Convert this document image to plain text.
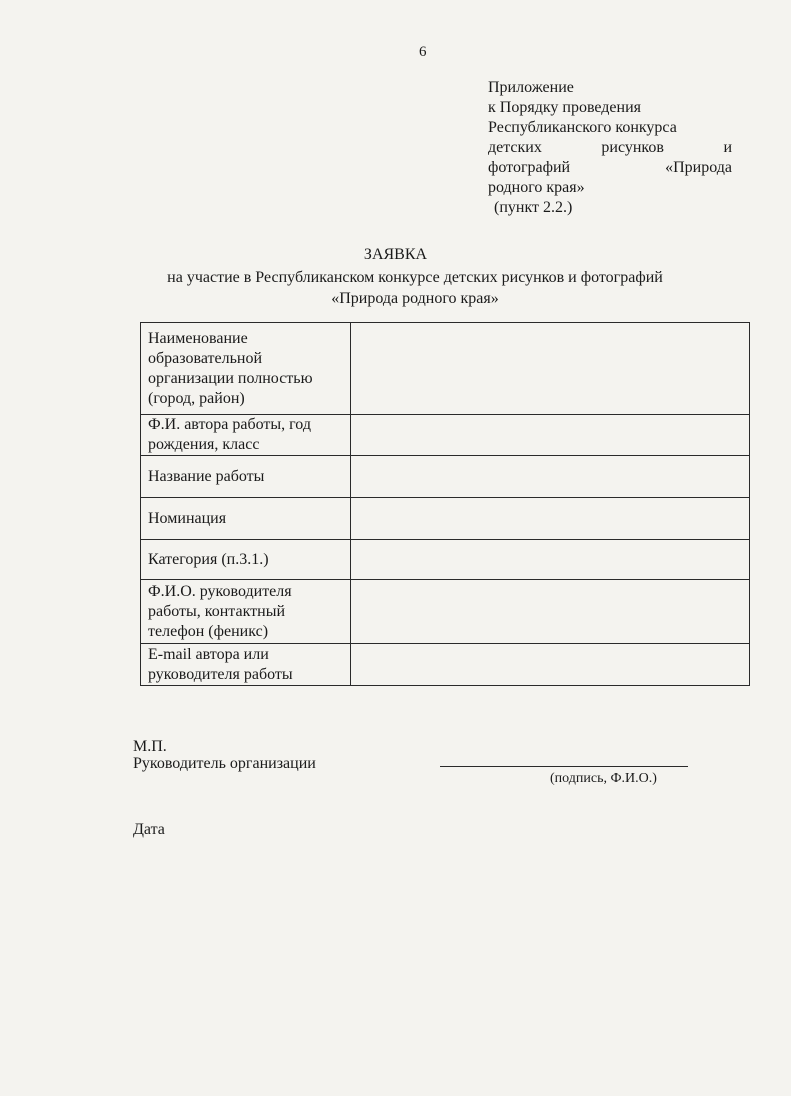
6
Приложение
к Порядку проведения
Республиканского конкурса
детских	рисунков	и
фотографий	«Природа
родного края»
(пункт 2.2.)
ЗАЯВКА
на участие в Республиканском конкурсе детских рисунков и фотографий
«Природа родного края»
Наименование образовательной организации полностью (город, район)	
Ф.И. автора работы, год рождения, класс	
Название работы	
Номинация	
Категория (п.3.1.)	
Ф.И.О. руководителя работы, контактный телефон (феникс)	
E-mail автора или руководителя работы	
М.П.
Руководитель организации
(подпись, Ф.И.О.)
Дата
